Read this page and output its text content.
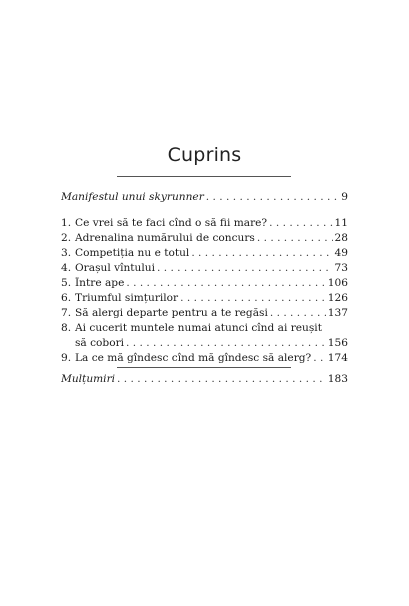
Cuprins
Manifestul unui skyrunner . . .	9
1. Ce vrei să te faci cînd o să fii mare? . . .	11
2. Adrenalina numărului de concurs . . .	28
3. Competiția nu e totul . . .	49
4. Orașul vîntului . . .	73
5. Între ape . . .	106
6. Triumful simțurilor . . .	126
7. Să alergi departe pentru a te regăsi . . .	137
8. Ai cucerit muntele numai atunci cînd ai reușit
să cobori . . .	156
9. La ce mă gîndesc cînd mă gîndesc să alerg? . . . 174
Mulțumiri . . .	183
